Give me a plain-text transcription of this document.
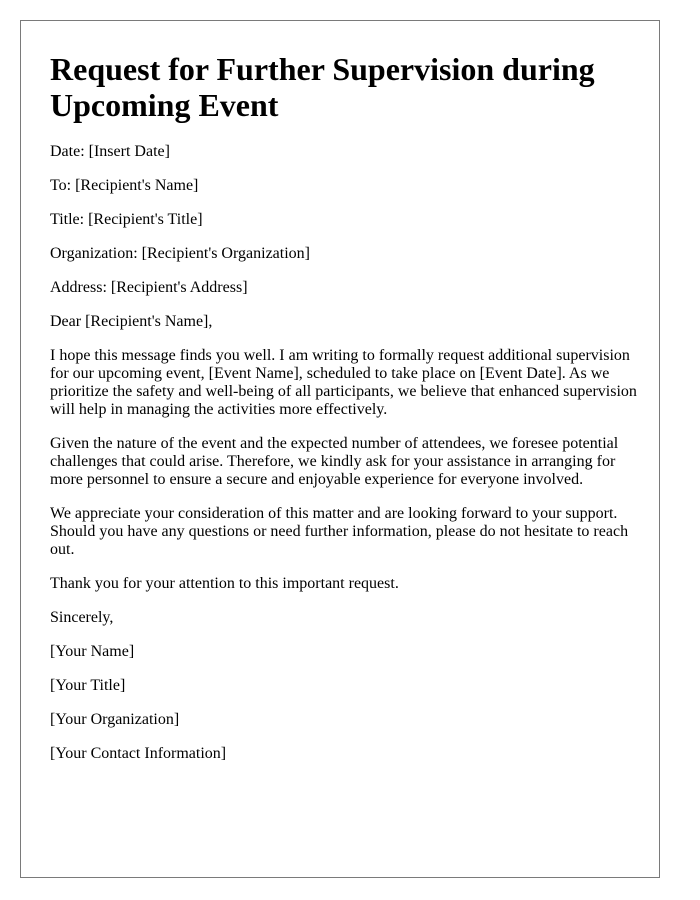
Request for Further Supervision during Upcoming Event

Date: [Insert Date]

To: [Recipient's Name]

Title: [Recipient's Title]

Organization: [Recipient's Organization]

Address: [Recipient's Address]

Dear [Recipient's Name],

I hope this message finds you well. I am writing to formally request additional supervision for our upcoming event, [Event Name], scheduled to take place on [Event Date]. As we prioritize the safety and well-being of all participants, we believe that enhanced supervision will help in managing the activities more effectively.

Given the nature of the event and the expected number of attendees, we foresee potential challenges that could arise. Therefore, we kindly ask for your assistance in arranging for more personnel to ensure a secure and enjoyable experience for everyone involved.

We appreciate your consideration of this matter and are looking forward to your support. Should you have any questions or need further information, please do not hesitate to reach out.

Thank you for your attention to this important request.

Sincerely,

[Your Name]

[Your Title]

[Your Organization]

[Your Contact Information]
